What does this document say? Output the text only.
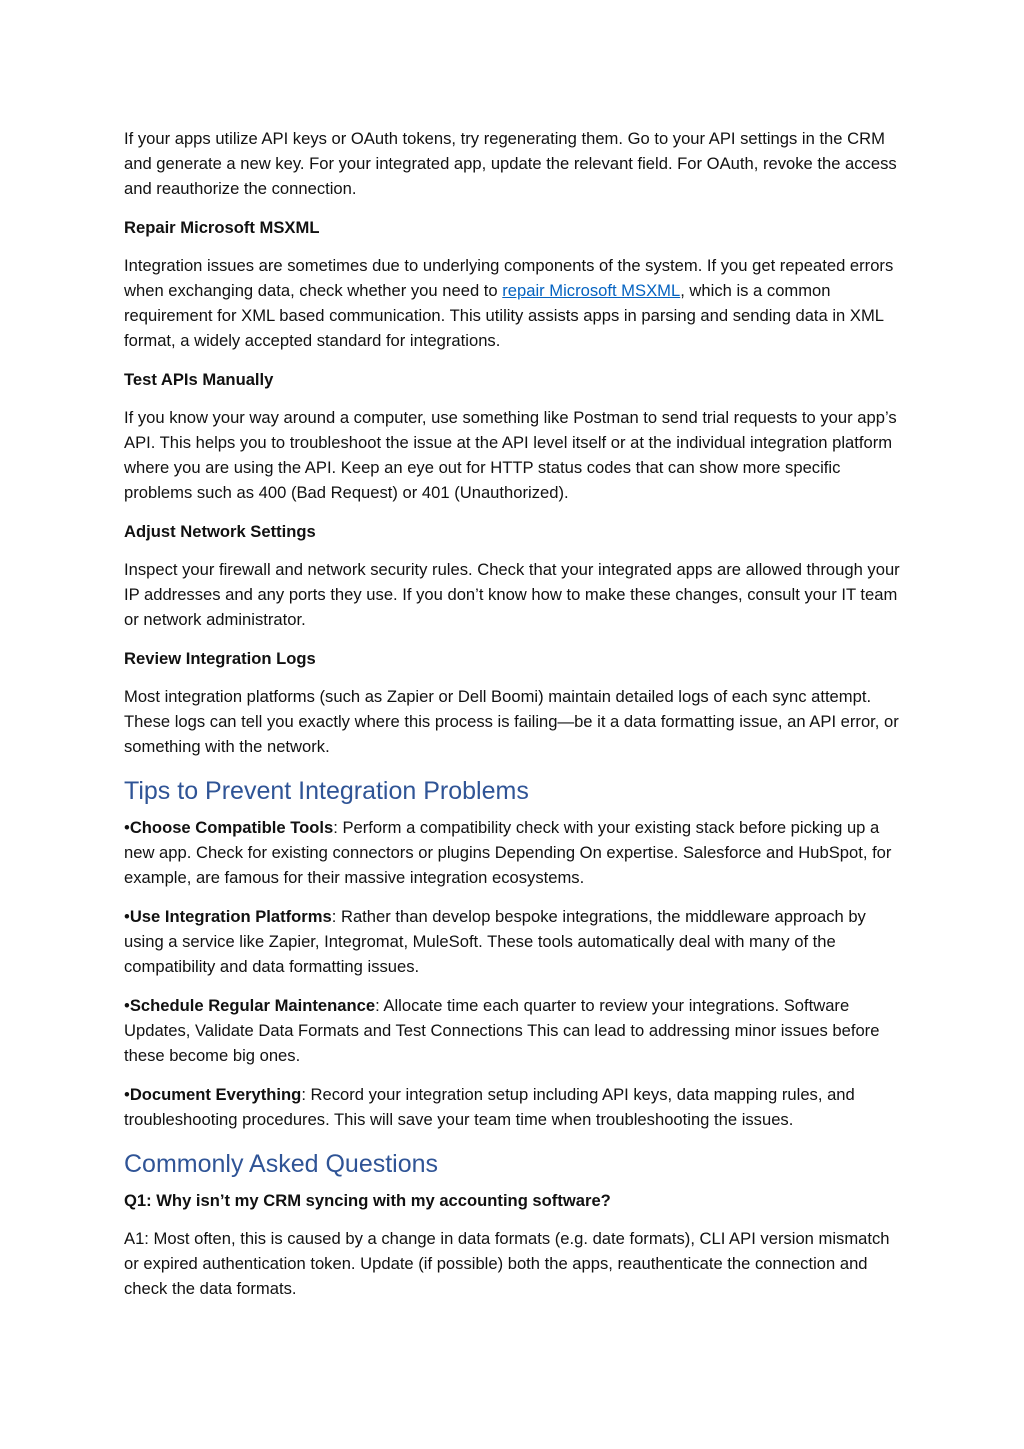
If your apps utilize API keys or OAuth tokens, try regenerating them. Go to your API settings in the CRM and generate a new key. For your integrated app, update the relevant field. For OAuth, revoke the access and reauthorize the connection.

Repair Microsoft MSXML

Integration issues are sometimes due to underlying components of the system. If you get repeated errors when exchanging data, check whether you need to repair Microsoft MSXML, which is a common requirement for XML based communication. This utility assists apps in parsing and sending data in XML format, a widely accepted standard for integrations.

Test APIs Manually

If you know your way around a computer, use something like Postman to send trial requests to your app’s API. This helps you to troubleshoot the issue at the API level itself or at the individual integration platform where you are using the API. Keep an eye out for HTTP status codes that can show more specific problems such as 400 (Bad Request) or 401 (Unauthorized).

Adjust Network Settings

Inspect your firewall and network security rules. Check that your integrated apps are allowed through your IP addresses and any ports they use. If you don’t know how to make these changes, consult your IT team or network administrator.

Review Integration Logs

Most integration platforms (such as Zapier or Dell Boomi) maintain detailed logs of each sync attempt. These logs can tell you exactly where this process is failing—be it a data formatting issue, an API error, or something with the network.

Tips to Prevent Integration Problems

•Choose Compatible Tools: Perform a compatibility check with your existing stack before picking up a new app. Check for existing connectors or plugins Depending On expertise. Salesforce and HubSpot, for example, are famous for their massive integration ecosystems.

•Use Integration Platforms: Rather than develop bespoke integrations, the middleware approach by using a service like Zapier, Integromat, MuleSoft. These tools automatically deal with many of the compatibility and data formatting issues.

•Schedule Regular Maintenance: Allocate time each quarter to review your integrations. Software Updates, Validate Data Formats and Test Connections This can lead to addressing minor issues before these become big ones.

•Document Everything: Record your integration setup including API keys, data mapping rules, and troubleshooting procedures. This will save your team time when troubleshooting the issues.

Commonly Asked Questions
Q1: Why isn’t my CRM syncing with my accounting software?

A1: Most often, this is caused by a change in data formats (e.g. date formats), CLI API version mismatch or expired authentication token. Update (if possible) both the apps, reauthenticate the connection and check the data formats.
